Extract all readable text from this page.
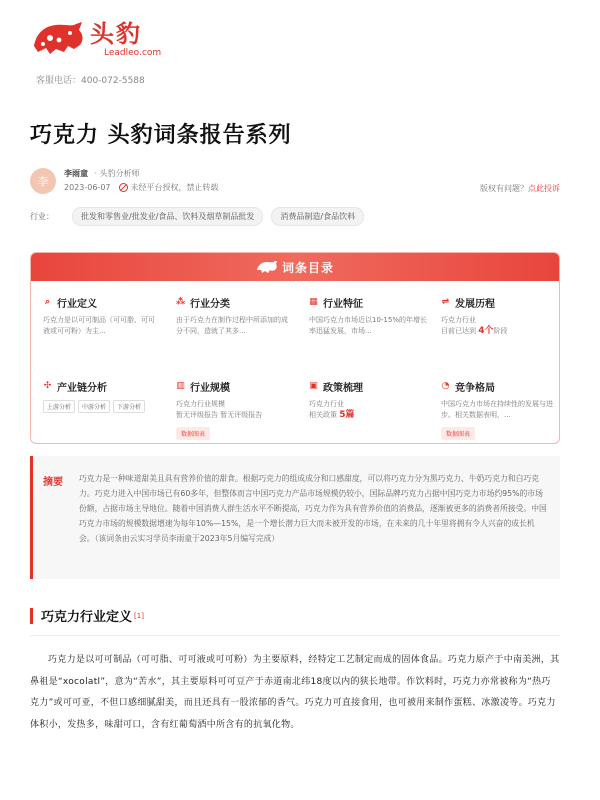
头豹
Leadleo.com
客服电话：400-072-5588
巧克力 头豹词条报告系列
李
李雨童 · 头豹分析师
2023-06-07	未经平台授权，禁止转载	版权有问题？点此投诉
行业：	批发和零售业/批发业/食品、饮料及烟草制品批发	消费品制造/食品饮料
词条目录
⌕ 行业定义
巧克力是以可可制品（可可脂、可可液或可可粉）为主...
⁂ 行业分类
由于巧克力在制作过程中所添加的成分不同，造就了其多...
▦ 行业特征
中国巧克力市场近以10-15%的年增长率迅猛发展，市场...
⇌ 发展历程
巧克力行业
目前已达到 4个阶段
✣ 产业链分析
上游分析	中游分析	下游分析
▥ 行业规模
巧克力行业规模
暂无评级报告 暂无评级报告
数据图表
▣ 政策梳理
巧克力行业
相关政策 5篇
◔ 竞争格局
中国巧克力市场在持续性的发展与进步。相关数据表明，...
数据图表
摘要 巧克力是一种味道甜美且具有营养价值的甜食。根据巧克力的组成成分和口感甜度，可以将巧克力分为黑巧克力、牛奶巧克力和白巧克力。巧克力进入中国市场已有60多年，但整体而言中国巧克力产品市场规模仍较小，国际品牌巧克力占据中国巧克力市场约95%的市场份额，占据市场主导地位。随着中国消费人群生活水平不断提高，巧克力作为具有营养价值的消费品，逐渐被更多的消费者所接受。中国巧克力市场的规模数据增速为每年10%—15%，是一个增长潜力巨大而未被开发的市场，在未来的几十年里将拥有令人兴奋的成长机会。（该词条由云实习学员李雨童于2023年5月编写完成）
巧克力行业定义 [1]
巧克力是以可可制品（可可脂、可可液或可可粉）为主要原料，经特定工艺制定而成的固体食品。巧克力原产于中南美洲，其鼻祖是“xocolatl”，意为“苦水”，其主要原料可可豆产于赤道南北纬18度以内的狭长地带。作饮料时，巧克力亦常被称为“热巧克力”或可可亚，不但口感细腻甜美，而且还具有一股浓郁的香气。巧克力可直接食用，也可被用来制作蛋糕、冰激凌等。巧克力体积小，发热多，味甜可口，含有红葡萄酒中所含有的抗氧化物。
